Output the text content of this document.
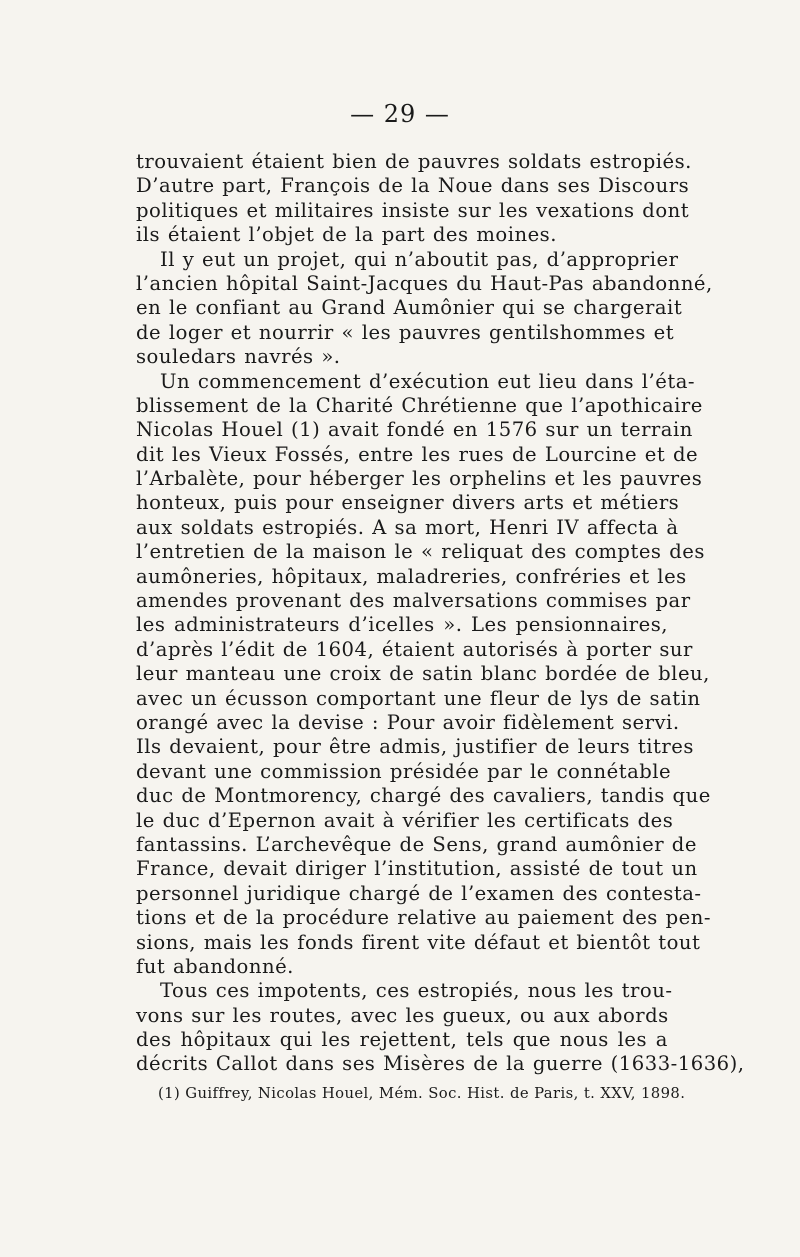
— 29 —

trouvaient étaient bien de pauvres soldats estropiés.
D’autre part, François de la Noue dans ses Discours
politiques et militaires insiste sur les vexations dont
ils étaient l’objet de la part des moines.

Il y eut un projet, qui n’aboutit pas, d’approprier
l’ancien hôpital Saint-Jacques du Haut-Pas abandonné,
en le confiant au Grand Aumônier qui se chargerait
de loger et nourrir « les pauvres gentilshommes et
souledars navrés ».

Un commencement d’exécution eut lieu dans l’éta-
blissement de la Charité Chrétienne que l’apothicaire
Nicolas Houel (1) avait fondé en 1576 sur un terrain
dit les Vieux Fossés, entre les rues de Lourcine et de
l’Arbalète, pour héberger les orphelins et les pauvres
honteux, puis pour enseigner divers arts et métiers
aux soldats estropiés. A sa mort, Henri IV affecta à
l’entretien de la maison le « reliquat des comptes des
aumôneries, hôpitaux, maladreries, confréries et les
amendes provenant des malversations commises par
les administrateurs d’icelles ». Les pensionnaires,
d’après l’édit de 1604, étaient autorisés à porter sur
leur manteau une croix de satin blanc bordée de bleu,
avec un écusson comportant une fleur de lys de satin
orangé avec la devise : Pour avoir fidèlement servi.
Ils devaient, pour être admis, justifier de leurs titres
devant une commission présidée par le connétable
duc de Montmorency, chargé des cavaliers, tandis que
le duc d’Epernon avait à vérifier les certificats des
fantassins. L’archevêque de Sens, grand aumônier de
France, devait diriger l’institution, assisté de tout un
personnel juridique chargé de l’examen des contesta-
tions et de la procédure relative au paiement des pen-
sions, mais les fonds firent vite défaut et bientôt tout
fut abandonné.

Tous ces impotents, ces estropiés, nous les trou-
vons sur les routes, avec les gueux, ou aux abords
des hôpitaux qui les rejettent, tels que nous les a
décrits Callot dans ses Misères de la guerre (1633-1636),

(1) Guiffrey, Nicolas Houel, Mém. Soc. Hist. de Paris, t. XXV, 1898.
